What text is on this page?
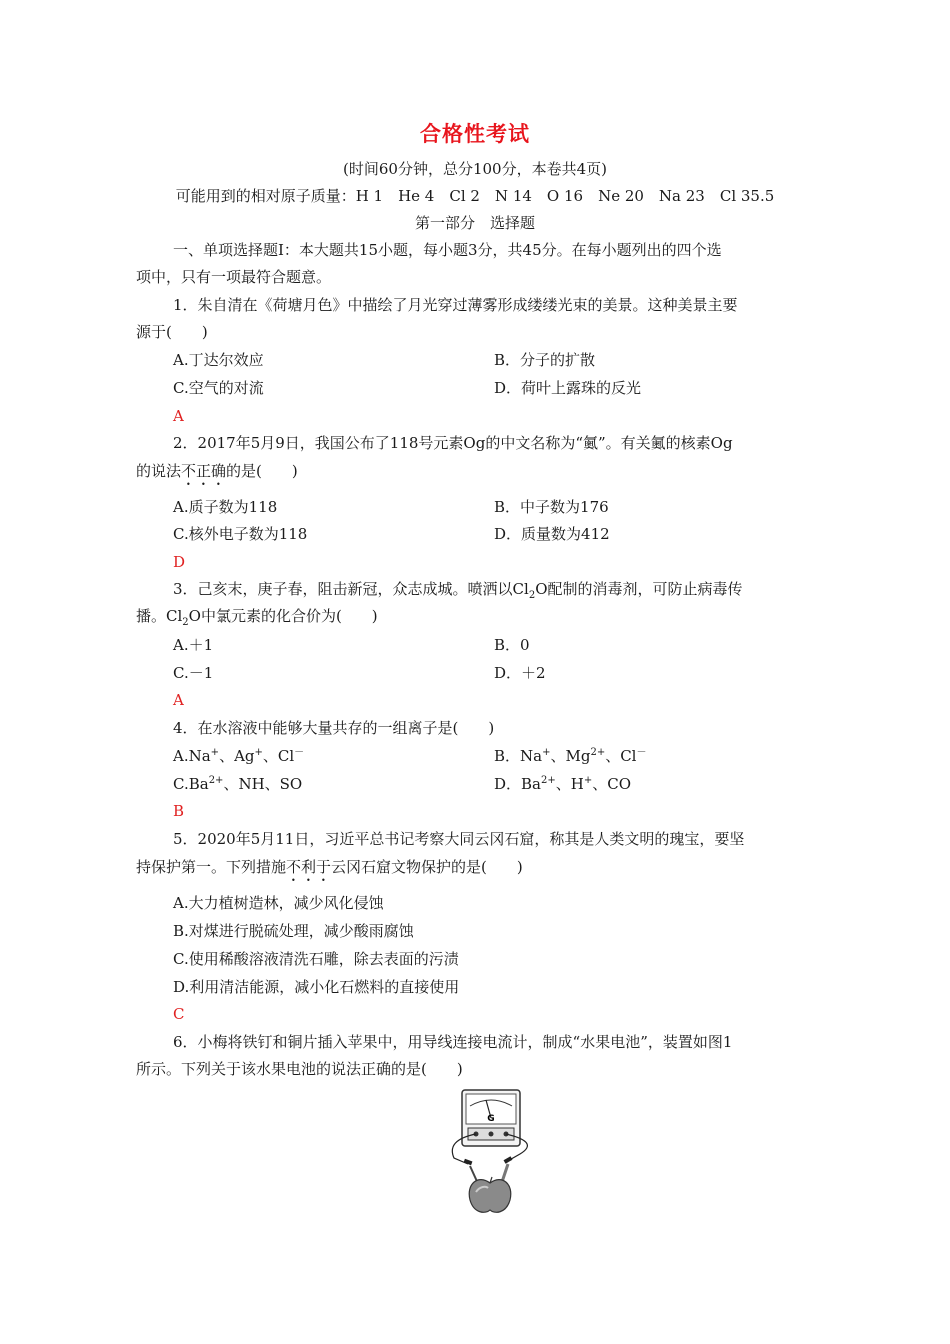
合格性考试
(时间60分钟，总分100分，本卷共4页)
可能用到的相对原子质量：H 1　He 4　Cl 2　N 14　O 16　Ne 20　Na 23　Cl 35.5
第一部分　选择题
一、单项选择题Ⅰ：本大题共15小题，每小题3分，共45分。在每小题列出的四个选
项中，只有一项最符合题意。
1．朱自清在《荷塘月色》中描绘了月光穿过薄雾形成缕缕光束的美景。这种美景主要
源于(　　)
A.丁达尔效应	B．分子的扩散
C.空气的对流	D．荷叶上露珠的反光
A
2．2017年5月9日，我国公布了118号元素Og的中文名称为“鿫”。有关鿫的核素Og
的说法不正确的是(　　)
A.质子数为118	B．中子数为176
C.核外电子数为118	D．质量数为412
D
3．己亥末，庚子春，阻击新冠，众志成城。喷洒以$Cl_2O$配制的消毒剂，可防止病毒传
播。$Cl_2O$中氯元素的化合价为(　　)
A.＋1	B．0
C.－1	D．＋2
A
4．在水溶液中能够大量共存的一组离子是(　　)
A.Na+、Ag+、Cl－	B．Na+、$Mg^{2+}$、Cl－
$C.Ba^{2+}$、NH、SO	D．$Ba^{2+}$、H+、CO
B
5．2020年5月11日，习近平总书记考察大同云冈石窟，称其是人类文明的瑰宝，要坚
持保护第一。下列措施不利于云冈石窟文物保护的是(　　)
A.大力植树造林，减少风化侵蚀
B.对煤进行脱硫处理，减少酸雨腐蚀
C.使用稀酸溶液清洗石雕，除去表面的污渍
D.利用清洁能源，减小化石燃料的直接使用
C
6．小梅将铁钉和铜片插入苹果中，用导线连接电流计，制成“水果电池”，装置如图1
所示。下列关于该水果电池的说法正确的是(　　)
G
